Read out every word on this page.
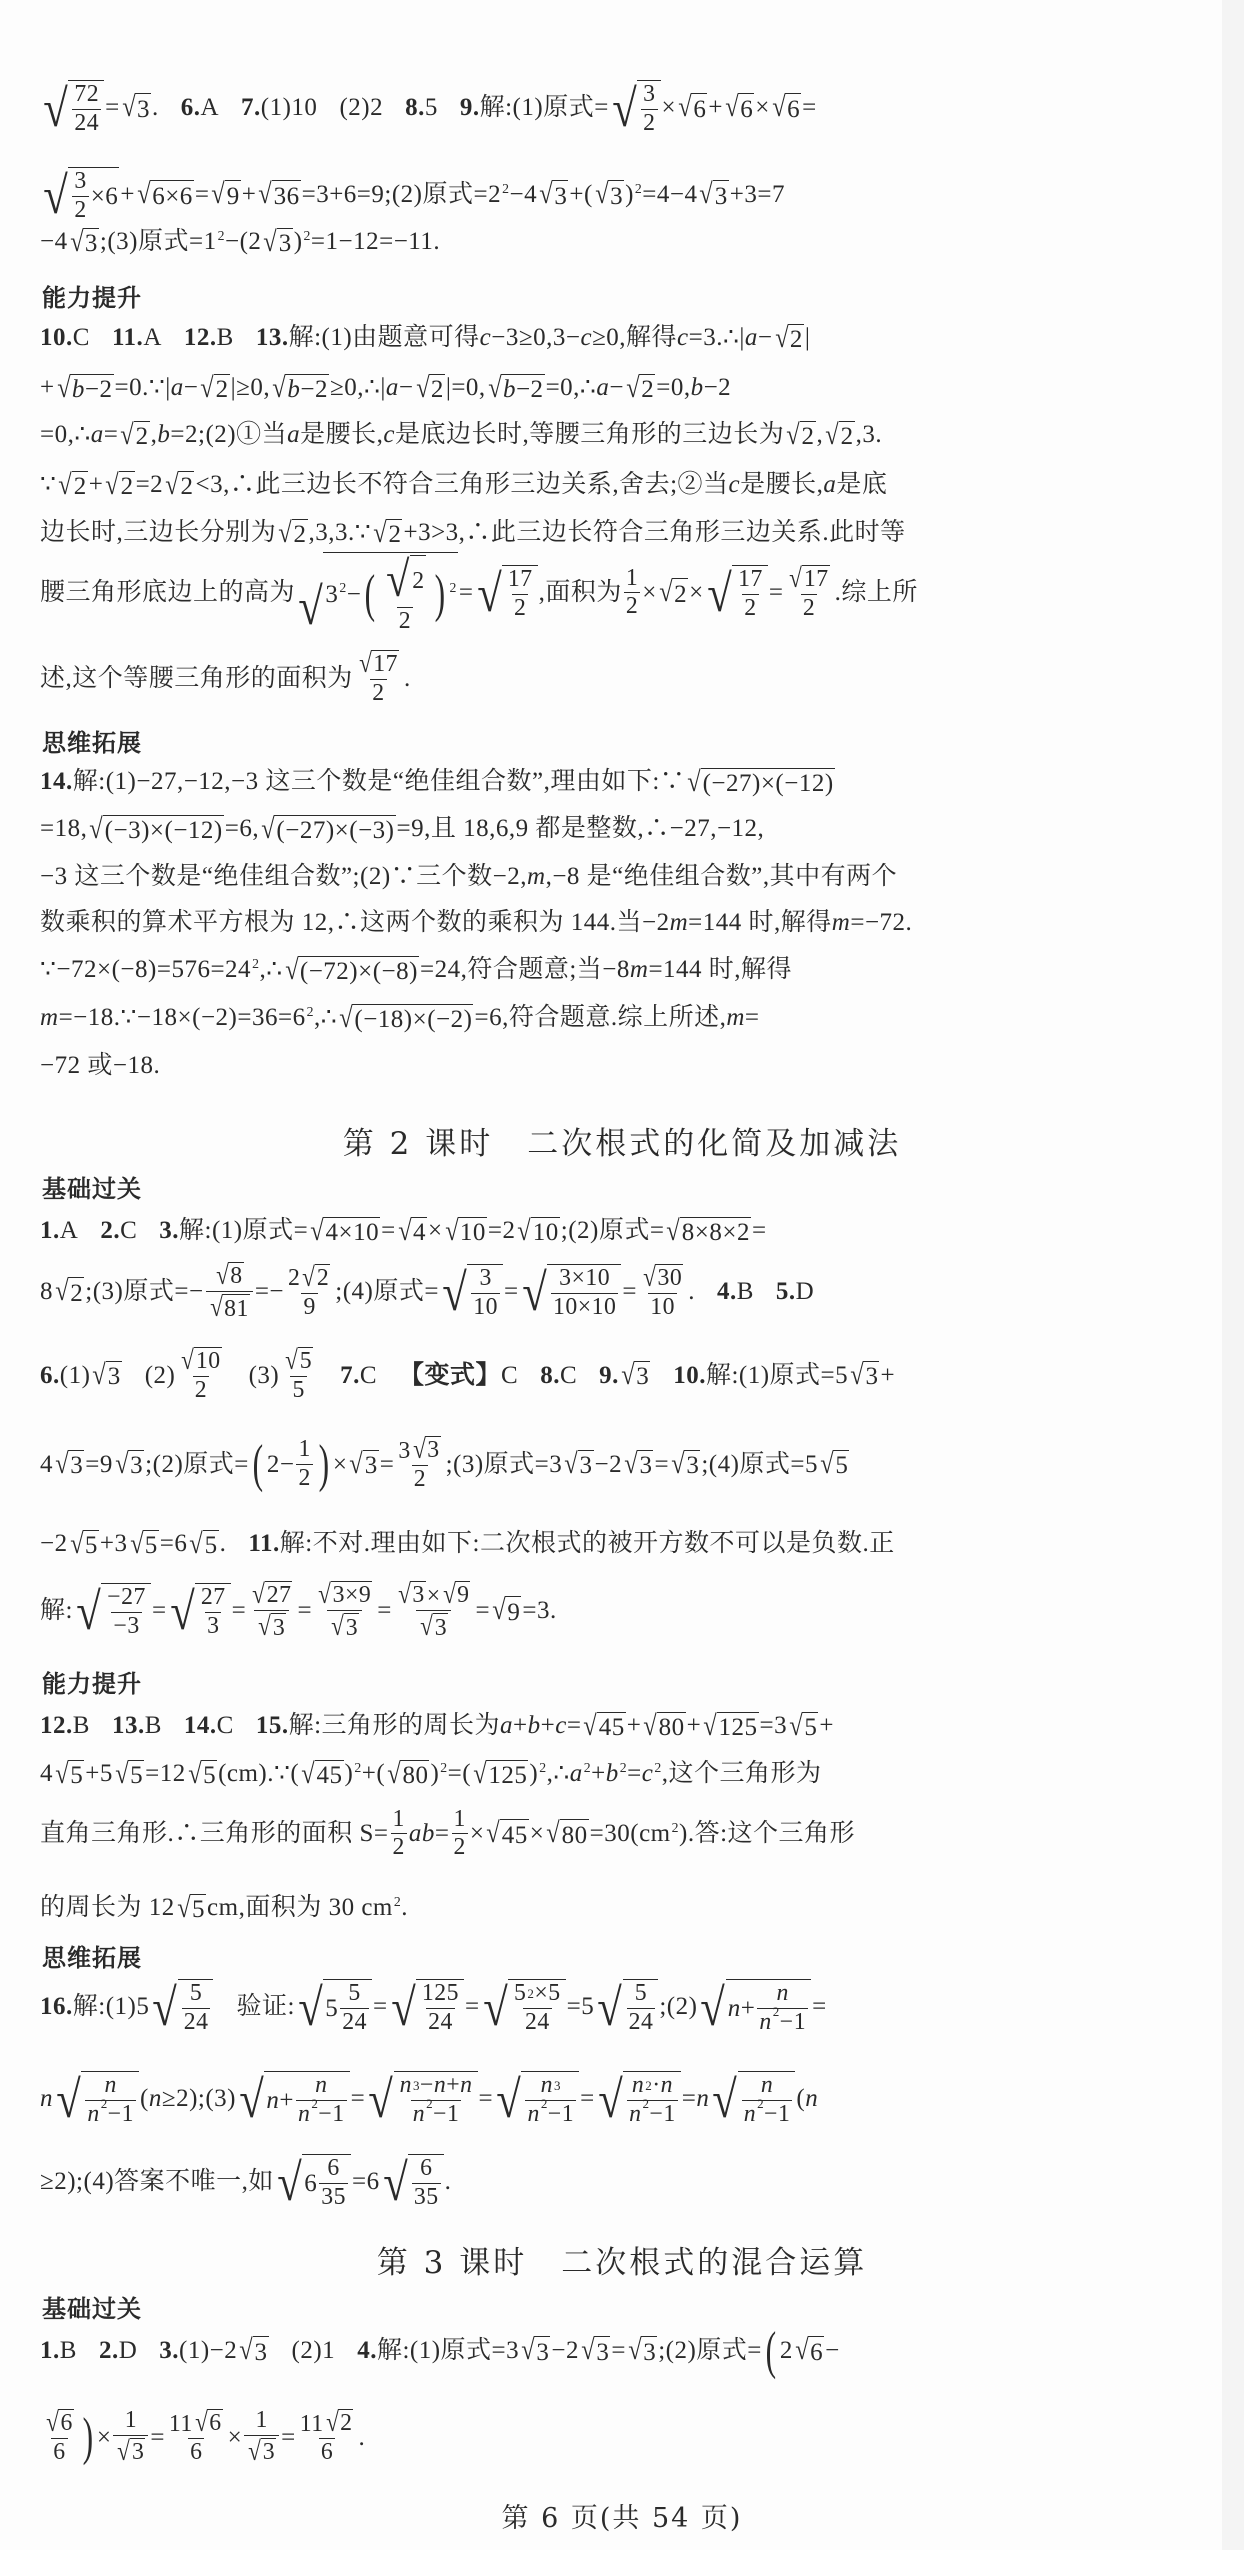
√ $\frac{72}{24}$ = √ 3 . 6. A 7. (1)10 (2)2 8. 5 9. 解:(1)原式= √ $\frac{3}{2}$ × √ 6 + √ 6 × √ 6 =
√ $\frac{3}{2} \times 6$ + √ 6×6 = √ 9 + √ 36 =3+6=9;(2)原式=2 2 −4 √ 3 +( √ 3 ) 2 =4−4 √ 3 +3=7
−4 √ 3 ;(3)原式=1 2 −(2 √ 3 ) 2 =1−12=−11.
能力提升
10. C 11. A 12. B 13. 解:(1)由题意可得 c −3≥0,3− c ≥0,解得 c =3.∴| a − √ 2 |
+ √ b −2 =0.∵| a − √ 2 |≥0, √ b −2 ≥0,∴| a − √ 2 |=0, √ b −2 =0,∴ a − √ 2 =0, b −2
=0,∴ a = √ 2 , b =2;(2)①当 a 是腰长, c 是底边长时,等腰三角形的三边长为 √ 2 , √ 2 ,3.
∵ √ 2 + √ 2 =2 √ 2 <3,∴此三边长不符合三角形三边关系,舍去;②当 c 是腰长, a 是底
边长时,三边长分别为 √ 2 ,3,3.∵ √ 2 +3>3,∴此三边长符合三角形三边关系.此时等
腰三角形底边上的高为 √ 3 2 − ( $\frac{√ 2}{2}$ ) 2 = √ $\frac{17}{2}$ ,面积为 $\frac{1}{2}$ × √ 2 × √ $\frac{17}{2} = \frac{√ 17}{2}$ .综上所
述,这个等腰三角形的面积为 $\frac{√ 17}{2}$ .
思维拓展
14. 解:(1)−27,−12,−3 这三个数是“绝佳组合数”,理由如下:∵ √ (−27)×(−12)
=18, √ (−3)×(−12) =6, √ (−27)×(−3) =9,且 18,6,9 都是整数,∴−27,−12,
−3 这三个数是“绝佳组合数”;(2)∵三个数−2, m ,−8 是“绝佳组合数”,其中有两个
数乘积的算术平方根为 12,∴这两个数的乘积为 144.当−2 m =144 时,解得 m =−72.
∵−72×(−8)=576=24 2 ,∴ √ (−72)×(−8) =24,符合题意;当−8 m =144 时,解得
m =−18.∵−18×(−2)=36=6 2 ,∴ √ (−18)×(−2) =6,符合题意.综上所述, m =
−72 或−18.
第 2 课时　二次根式的化简及加减法
基础过关
1. A 2. C 3. 解:(1)原式= √ 4×10 = √ 4 × √ 10 =2 √ 10 ;(2)原式= √ 8×8×2 =
8 √ 2 ;(3)原式=− $\frac{√ 8}{√ 81} =- \frac{2 √ 2}{9}$ ;(4)原式= √ $\frac{3}{10}$ = √ $\frac{3\times 10}{10\times 10} = \frac{√ 30}{10}$ . 4. B 5. D
6. (1) √ 3 $(2) \frac{√ 10}{2} (3) \frac{√ 5}{5} 7$. C 【变式】 C 8. C 9. √ 3 10. 解:(1)原式=5 √ 3 +
4 √ 3 =9 √ 3 ;(2)原式= ( $2- \frac{1}{2}$ ) × √ $3 = \frac{3 √ 3}{2}$ ;(3)原式=3 √ 3 −2 √ 3 = √ 3 ;(4)原式=5 √ 5
−2 √ 5 +3 √ 5 =6 √ 5 . 11. 解:不对.理由如下:二次根式的被开方数不可以是负数.正
解: √ $\frac{-27}{-3}$ = √ $\frac{27}{3} = \frac{√ 27}{√ 3} = \frac{√ 3\times 9}{√ 3} = \frac{√ 3 \times √ 9}{√ 3}$ = √ 9 =3.
能力提升
12. B 13. B 14. C 15. 解:三角形的周长为 a + b + c = √ 45 + √ 80 + √ 125 =3 √ 5 +
4 √ 5 +5 √ 5 =12 √ 5 (cm).∵( √ 45 ) 2 +( √ 80 ) 2 =( √ 125 ) 2 ,∴ a 2 + b 2 = c 2 ,这个三角形为
直角三角形.∴三角形的面积 $S= \frac{1}{2}$ ab = $\frac{1}{2}$ × √ 45 × √ 80 =30(cm 2 ).答:这个三角形
的周长为 12 √ 5 cm,面积为 30 cm 2 .
思维拓展
16. 解:(1)5 √ $\frac{5}{24}$ 验证: √ $5 \frac{5}{24}$ = √ $\frac{125}{24}$ = √ $\frac{5 2 \times 5}{24} =5$ √ $\frac{5}{24}$ ;(2) √ $n + \frac{n}{n 2 -1}$ =
n √ $\frac{n}{n 2 -1}$ ( n ≥2);(3) √ $n + \frac{n}{n 2 -1}$ = √ $\frac{n 3 - n + n}{n 2 -1}$ = √ $\frac{n 3}{n 2 -1}$ = √ $\frac{n 2 \cdot n}{n 2 -1} = n$ √ $\frac{n}{n 2 -1}$ ( n
≥2);(4)答案不唯一,如 √ $6 \frac{6}{35} =6$ √ $\frac{6}{35}$ .
第 3 课时　二次根式的混合运算
基础过关
1. B 2. D 3. (1)−2 √ 3 (2)1 4. 解:(1)原式=3 √ 3 −2 √ 3 = √ 3 ;(2)原式= ( 2 √ 6 −
$\frac{√ 6}{6}$ ) × $\frac{1}{√ 3} = \frac{11 √ 6}{6} \times \frac{1}{√ 3} = \frac{11 √ 2}{6}$ .
第 6 页(共 54 页)
